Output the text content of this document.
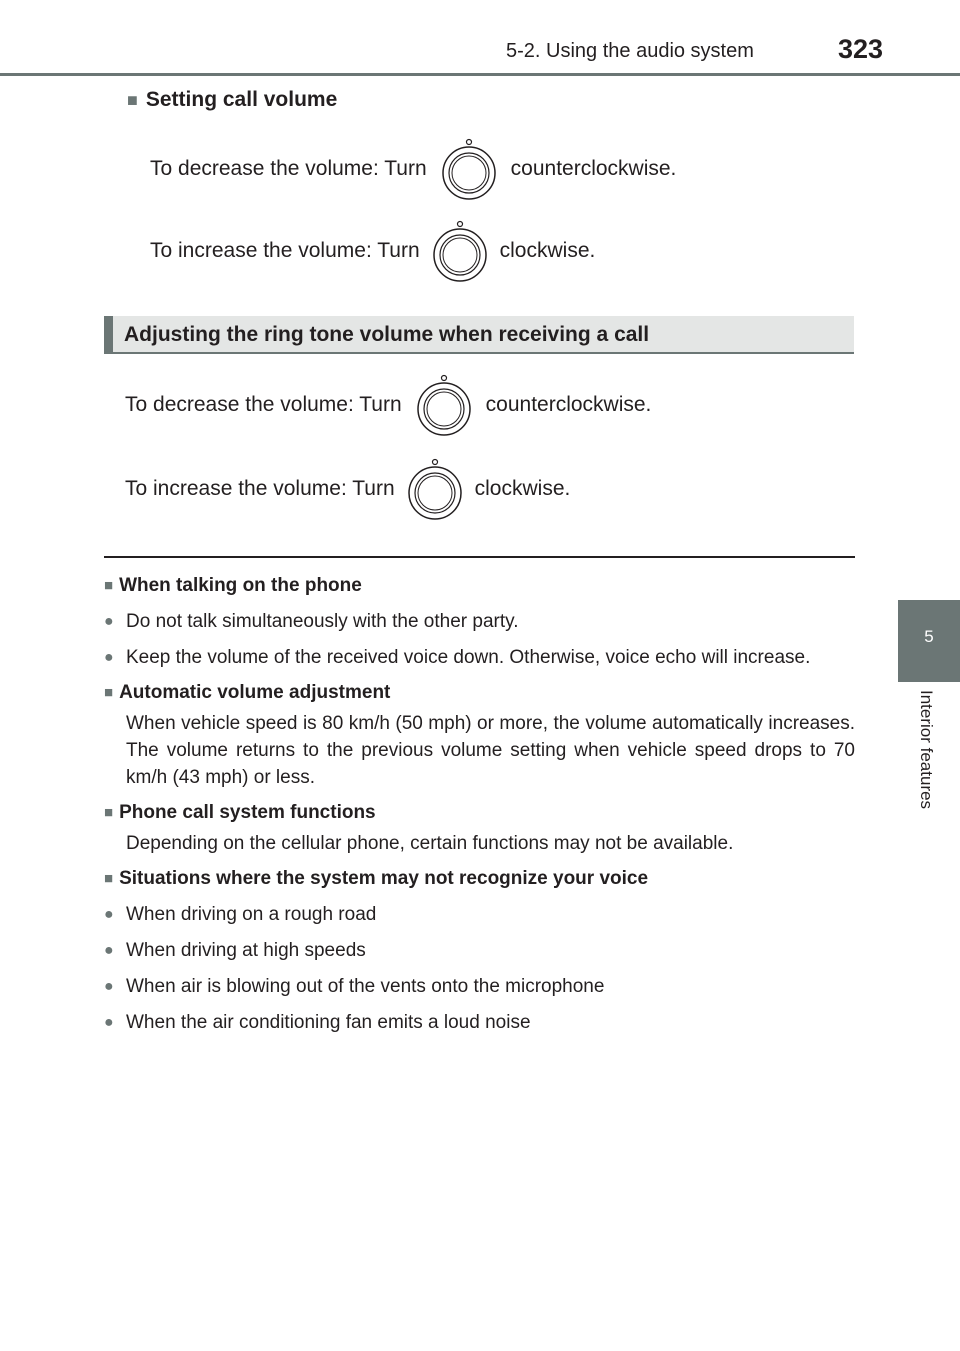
5-2. Using the audio system	323
5
Interior features
■ Setting call volume
To decrease the volume: Turn	counterclockwise.
To increase the volume: Turn	clockwise.
Adjusting the ring tone volume when receiving a call
To decrease the volume: Turn	counterclockwise.
To increase the volume: Turn	clockwise.
■ When talking on the phone
● Do not talk simultaneously with the other party.
● Keep the volume of the received voice down. Otherwise, voice echo will increase.
■ Automatic volume adjustment
When vehicle speed is 80 km/h (50 mph) or more, the volume automatically increases. The volume returns to the previous volume setting when vehicle speed drops to 70 km/h (43 mph) or less.
■ Phone call system functions
Depending on the cellular phone, certain functions may not be available.
■ Situations where the system may not recognize your voice
● When driving on a rough road
● When driving at high speeds
● When air is blowing out of the vents onto the microphone
● When the air conditioning fan emits a loud noise
